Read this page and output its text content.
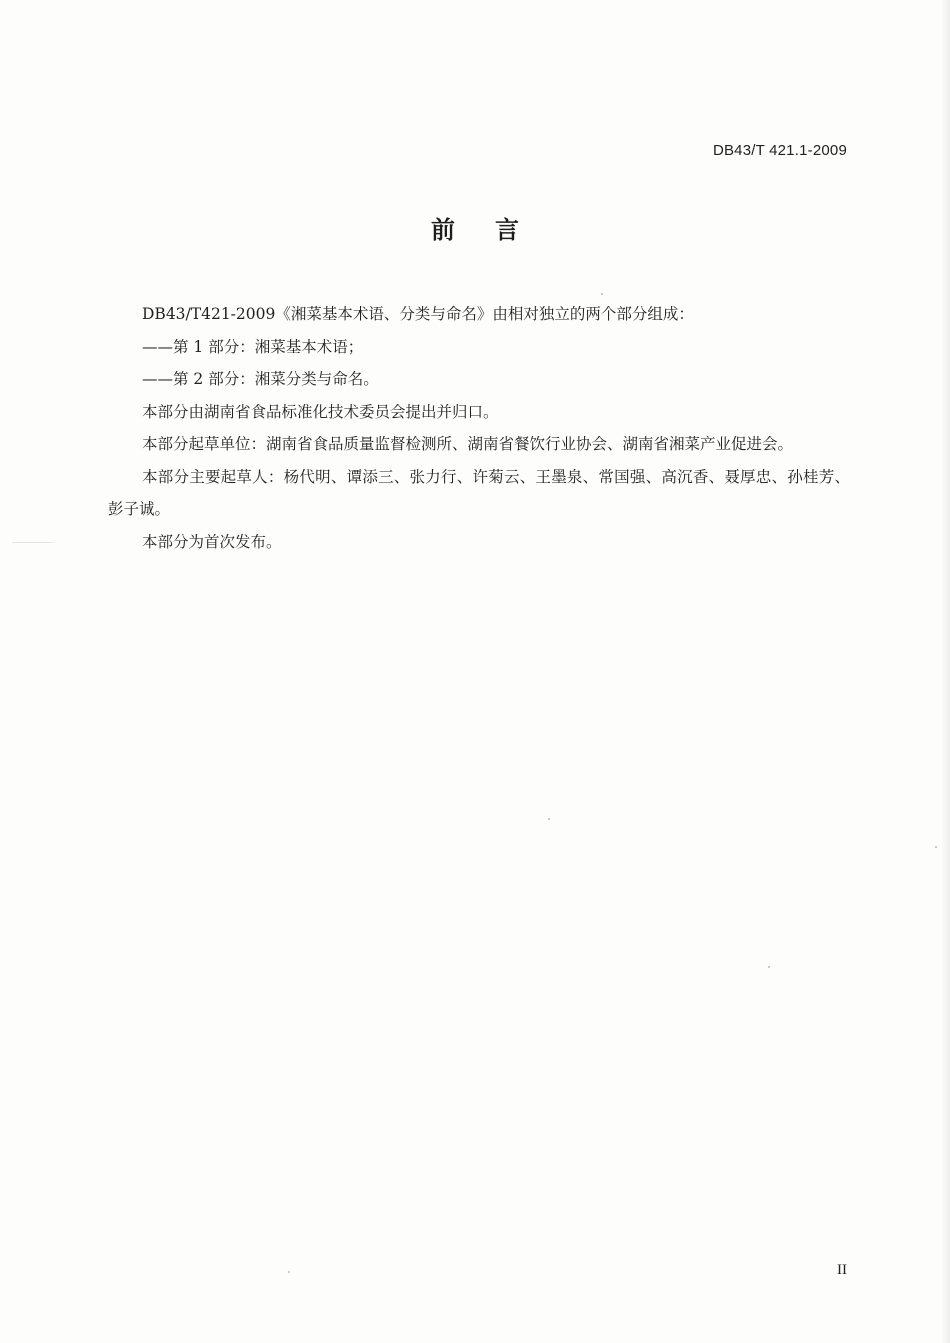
DB43/T 421.1-2009
前言

DB43/T421-2009《湘菜基本术语、分类与命名》由相对独立的两个部分组成：

——第 1 部分：湘菜基本术语；

——第 2 部分：湘菜分类与命名。

本部分由湖南省食品标准化技术委员会提出并归口。

本部分起草单位：湖南省食品质量监督检测所、湖南省餐饮行业协会、湖南省湘菜产业促进会。

本部分主要起草人：杨代明、谭添三、张力行、许菊云、王墨泉、常国强、高沉香、聂厚忠、孙桂芳、彭子诚。

本部分为首次发布。

II
